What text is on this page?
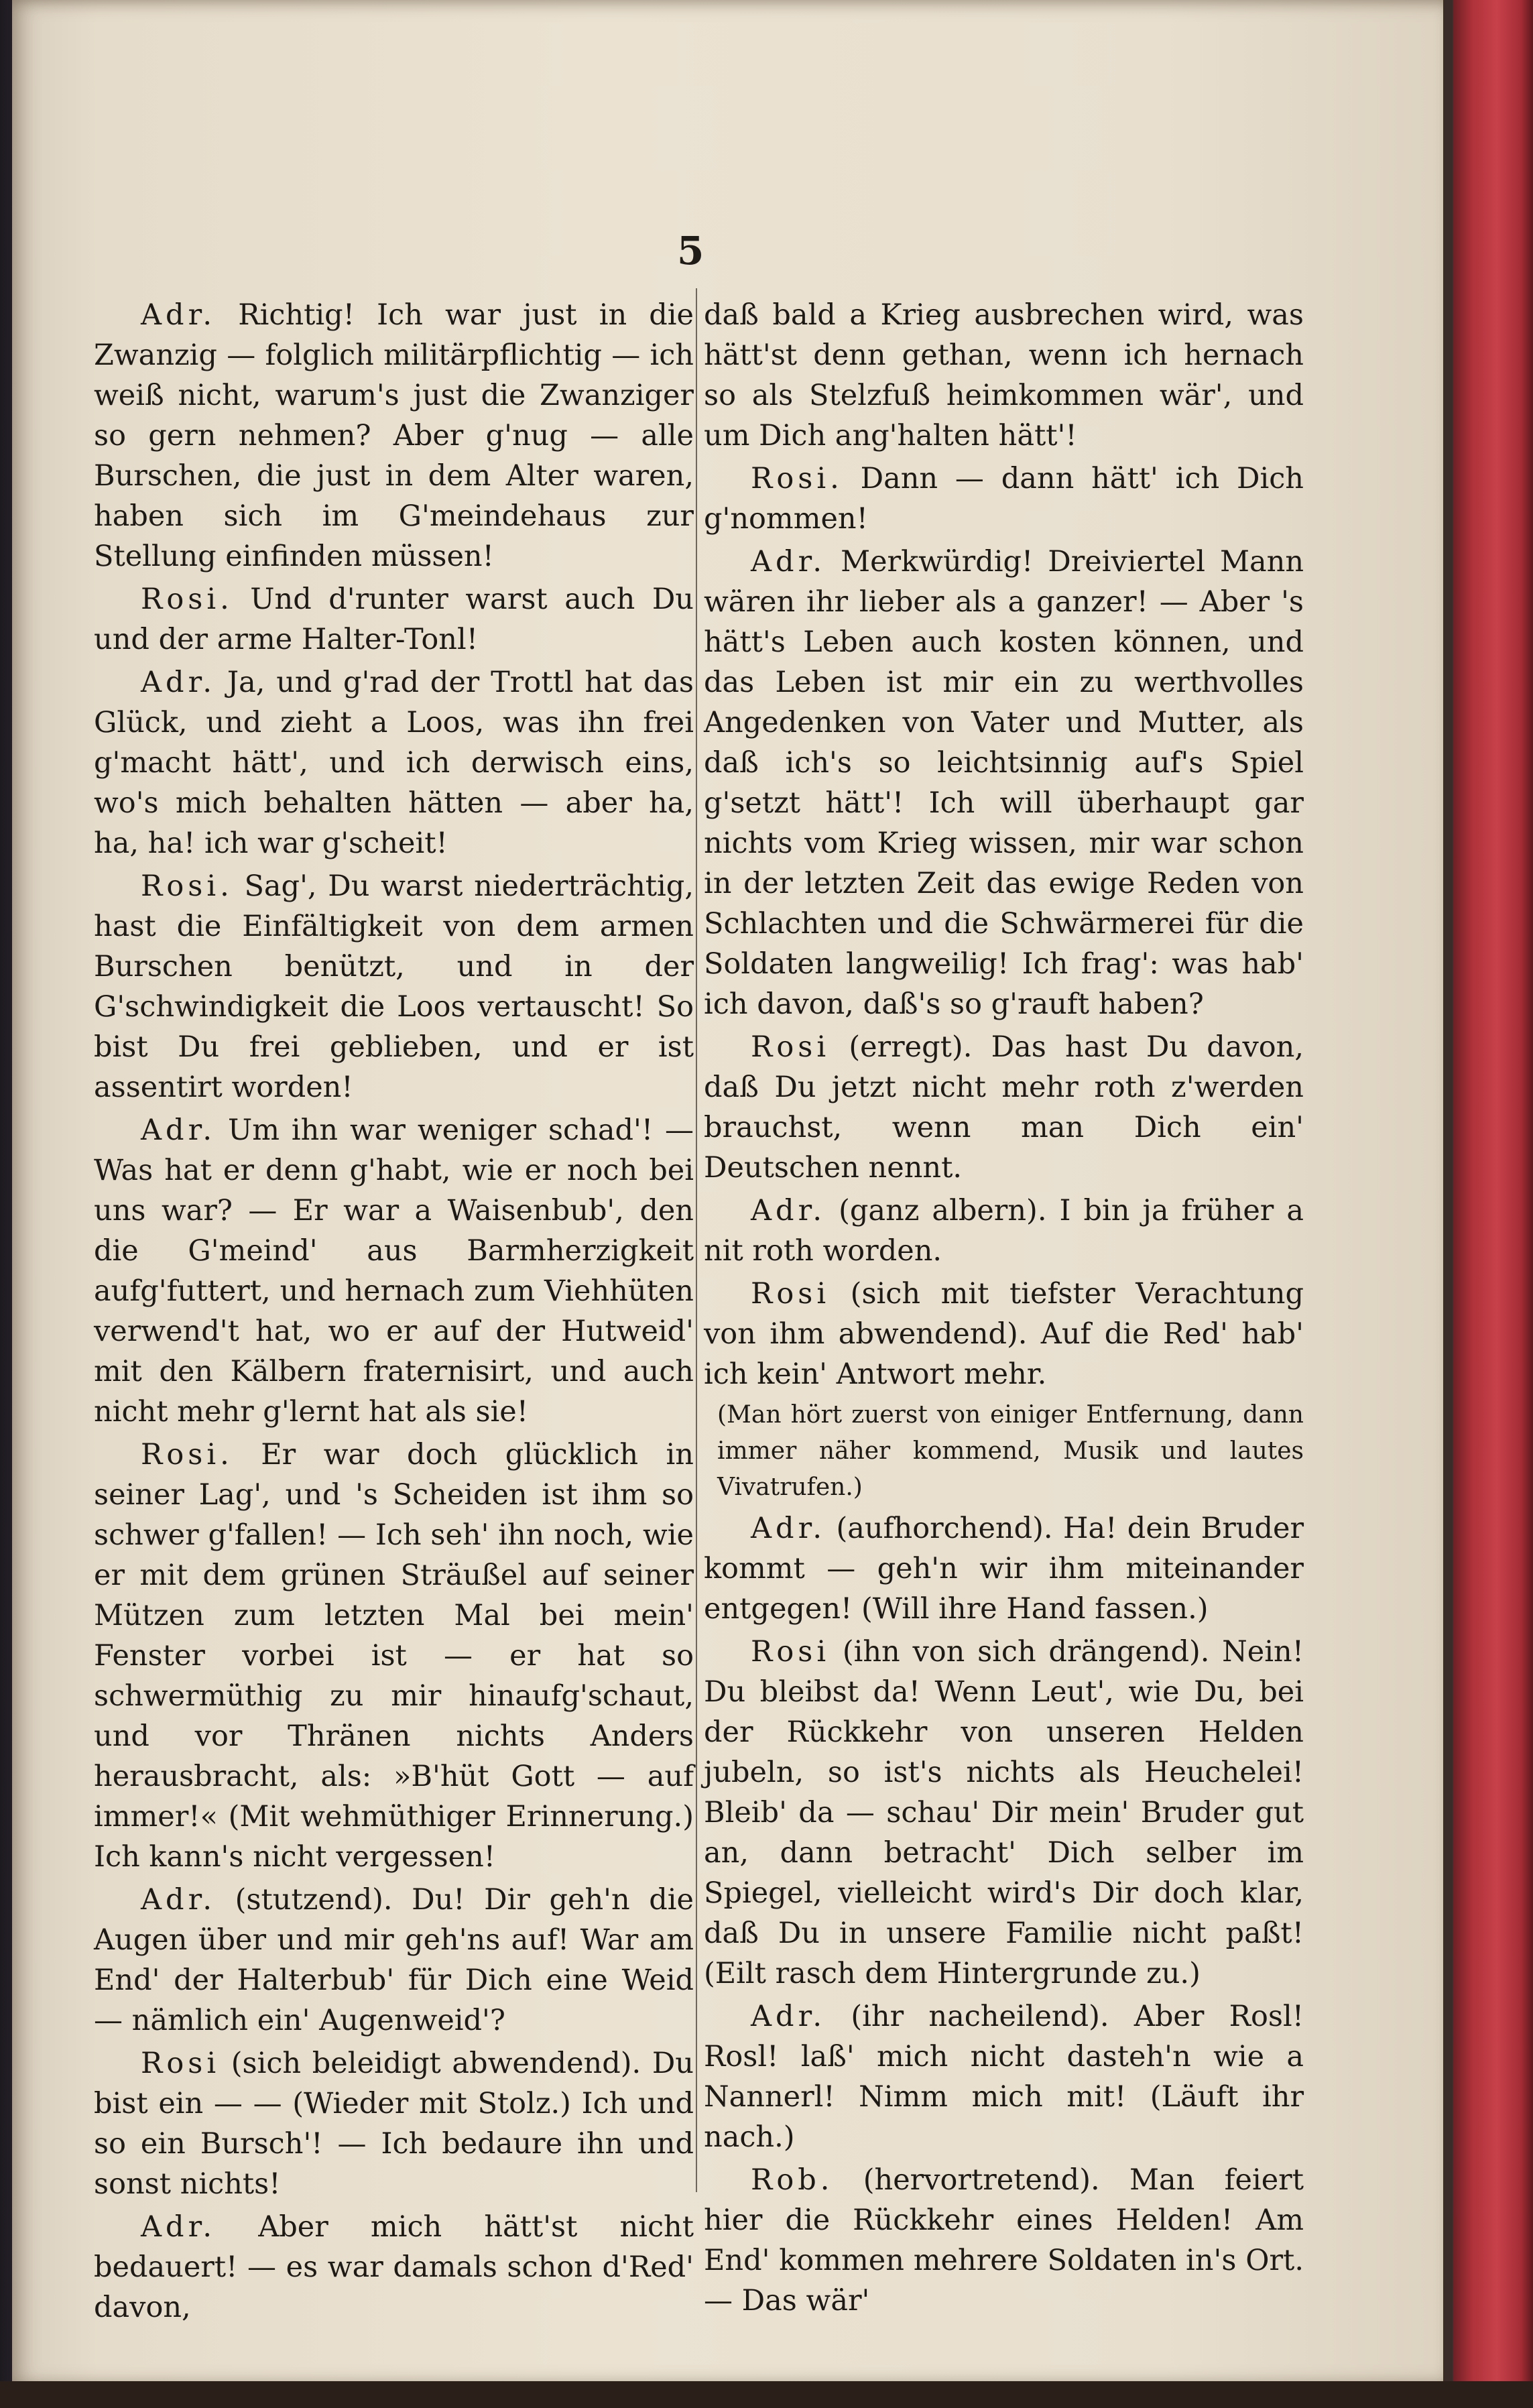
5

Adr. Richtig! Ich war just in die Zwanzig — folglich militärpflichtig — ich weiß nicht, warum's just die Zwanziger so gern nehmen? Aber g'nug — alle Burschen, die just in dem Alter waren, haben sich im G'meindehaus zur Stellung einfinden müssen!

Rosi. Und d'runter warst auch Du und der arme Halter-Tonl!

Adr. Ja, und g'rad der Trottl hat das Glück, und zieht a Loos, was ihn frei g'macht hätt', und ich derwisch eins, wo's mich behalten hätten — aber ha, ha, ha! ich war g'scheit!

Rosi. Sag', Du warst niederträchtig, hast die Einfältigkeit von dem armen Burschen benützt, und in der G'schwindigkeit die Loos vertauscht! So bist Du frei geblieben, und er ist assentirt worden!

Adr. Um ihn war weniger schad'! — Was hat er denn g'habt, wie er noch bei uns war? — Er war a Waisenbub', den die G'meind' aus Barmherzigkeit aufg'futtert, und hernach zum Viehhüten verwend't hat, wo er auf der Hutweid' mit den Kälbern fraternisirt, und auch nicht mehr g'lernt hat als sie!

Rosi. Er war doch glücklich in seiner Lag', und 's Scheiden ist ihm so schwer g'fallen! — Ich seh' ihn noch, wie er mit dem grünen Sträußel auf seiner Mützen zum letzten Mal bei mein' Fenster vorbei ist — er hat so schwermüthig zu mir hinaufg'schaut, und vor Thränen nichts Anders herausbracht, als: »B'hüt Gott — auf immer!« (Mit wehmüthiger Erinnerung.) Ich kann's nicht vergessen!

Adr. (stutzend). Du! Dir geh'n die Augen über und mir geh'ns auf! War am End' der Halterbub' für Dich eine Weid — nämlich ein' Augenweid'?

Rosi (sich beleidigt abwendend). Du bist ein — — (Wieder mit Stolz.) Ich und so ein Bursch'! — Ich bedaure ihn und sonst nichts!

Adr. Aber mich hätt'st nicht bedauert! — es war damals schon d'Red' davon,

daß bald a Krieg ausbrechen wird, was hätt'st denn gethan, wenn ich hernach so als Stelzfuß heimkommen wär', und um Dich ang'halten hätt'!

Rosi. Dann — dann hätt' ich Dich g'nommen!

Adr. Merkwürdig! Dreiviertel Mann wären ihr lieber als a ganzer! — Aber 's hätt's Leben auch kosten können, und das Leben ist mir ein zu werthvolles Angedenken von Vater und Mutter, als daß ich's so leichtsinnig auf's Spiel g'setzt hätt'! Ich will überhaupt gar nichts vom Krieg wissen, mir war schon in der letzten Zeit das ewige Reden von Schlachten und die Schwärmerei für die Soldaten langweilig! Ich frag': was hab' ich davon, daß's so g'rauft haben?

Rosi (erregt). Das hast Du davon, daß Du jetzt nicht mehr roth z'werden brauchst, wenn man Dich ein' Deutschen nennt.

Adr. (ganz albern). I bin ja früher a nit roth worden.

Rosi (sich mit tiefster Verachtung von ihm abwendend). Auf die Red' hab' ich kein' Antwort mehr.

(Man hört zuerst von einiger Entfernung, dann immer näher kommend, Musik und lautes Vivatrufen.)

Adr. (aufhorchend). Ha! dein Bruder kommt — geh'n wir ihm miteinander entgegen! (Will ihre Hand fassen.)

Rosi (ihn von sich drängend). Nein! Du bleibst da! Wenn Leut', wie Du, bei der Rückkehr von unseren Helden jubeln, so ist's nichts als Heuchelei! Bleib' da — schau' Dir mein' Bruder gut an, dann betracht' Dich selber im Spiegel, vielleicht wird's Dir doch klar, daß Du in unsere Familie nicht paßt! (Eilt rasch dem Hintergrunde zu.)

Adr. (ihr nacheilend). Aber Rosl! Rosl! laß' mich nicht dasteh'n wie a Nannerl! Nimm mich mit! (Läuft ihr nach.)

Rob. (hervortretend). Man feiert hier die Rückkehr eines Helden! Am End' kommen mehrere Soldaten in's Ort. — Das wär'
